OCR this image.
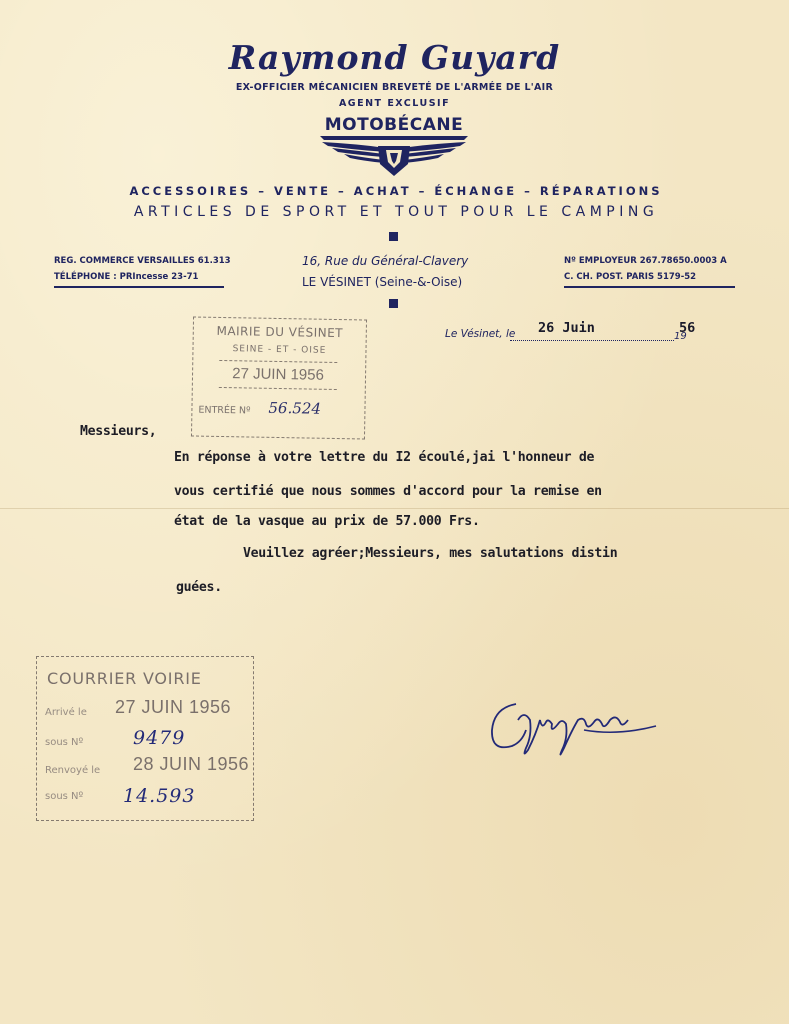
Raymond Guyard
EX-OFFICIER MÉCANICIEN BREVETÉ DE L'ARMÉE DE L'AIR
AGENT EXCLUSIF
MOTOBÉCANE
ACCESSOIRES – VENTE – ACHAT – ÉCHANGE – RÉPARATIONS
ARTICLES DE SPORT ET TOUT POUR LE CAMPING
REG. COMMERCE VERSAILLES 61.313
TÉLÉPHONE : PRIncesse 23-71
16, Rue du Général-Clavery
LE VÉSINET (Seine-&-Oise)
Nº EMPLOYEUR 267.78650.0003 A
C. CH. POST. PARIS 5179-52
Le Vésinet, le 26 Juin
19
56
MAIRIE DU VÉSINET
SEINE - ET - OISE
27 JUIN 1956
ENTRÉE Nº 56.524
Messieurs,
En réponse à votre lettre du I2 écoulé,jai l'honneur de
vous certifié que nous sommes d'accord pour la remise en
état de la vasque au prix de 57.000 Frs.
Veuillez agréer;Messieurs, mes salutations distin
guées.
COURRIER VOIRIE
Arrivé le 27 JUIN 1956
sous Nº	9479
Renvoyé le 28 JUIN 1956
sous Nº 14.593
